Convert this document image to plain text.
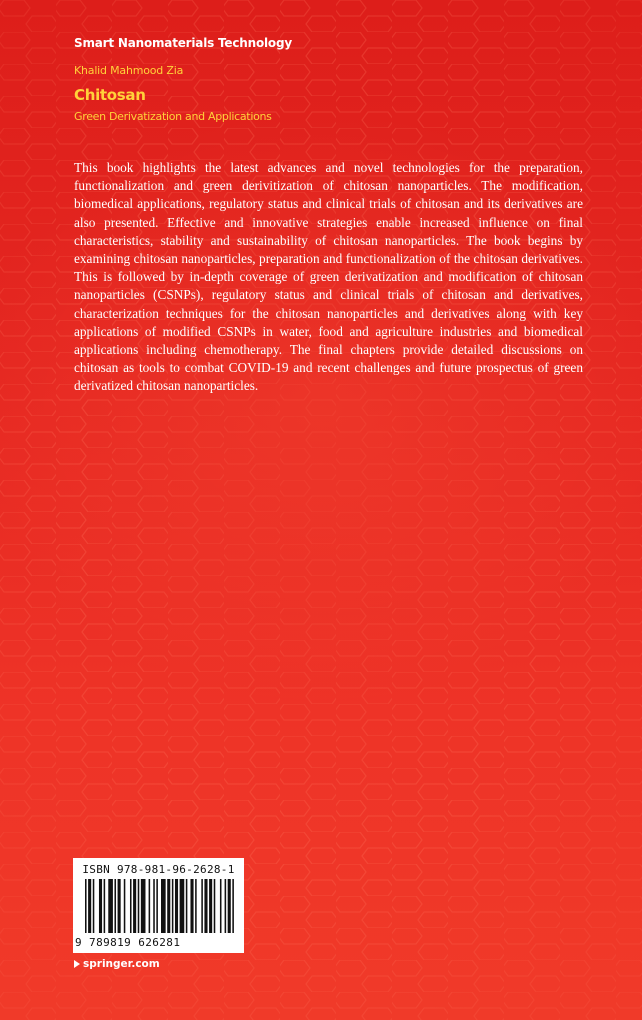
Smart Nanomaterials Technology
Khalid Mahmood Zia
Chitosan
Green Derivatization and Applications

This book highlights the latest advances and novel technologies for the preparation, functionalization and green derivitization of chitosan nanoparticles. The modification, biomedical applications, regulatory status and clinical trials of chitosan and its derivatives are also presented. Effective and innovative strategies enable increased influence on final characteristics, stability and sustainability of chitosan nanoparticles. The book begins by examining chitosan nanoparticles, preparation and functionalization of the chitosan derivatives. This is followed by in-depth coverage of green derivatization and modification of chitosan nanoparticles (CSNPs), regulatory status and clinical trials of chitosan and derivatives, characterization techniques for the chitosan nanoparticles and derivatives along with key applications of modified CSNPs in water, food and agriculture industries and biomedical applications including chemotherapy. The final chapters provide detailed discussions on chitosan as tools to combat COVID-19 and recent challenges and future prospectus of green derivatized chitosan nanoparticles.

ISBN 978-981-96-2628-1
9 789819 626281
springer.com
